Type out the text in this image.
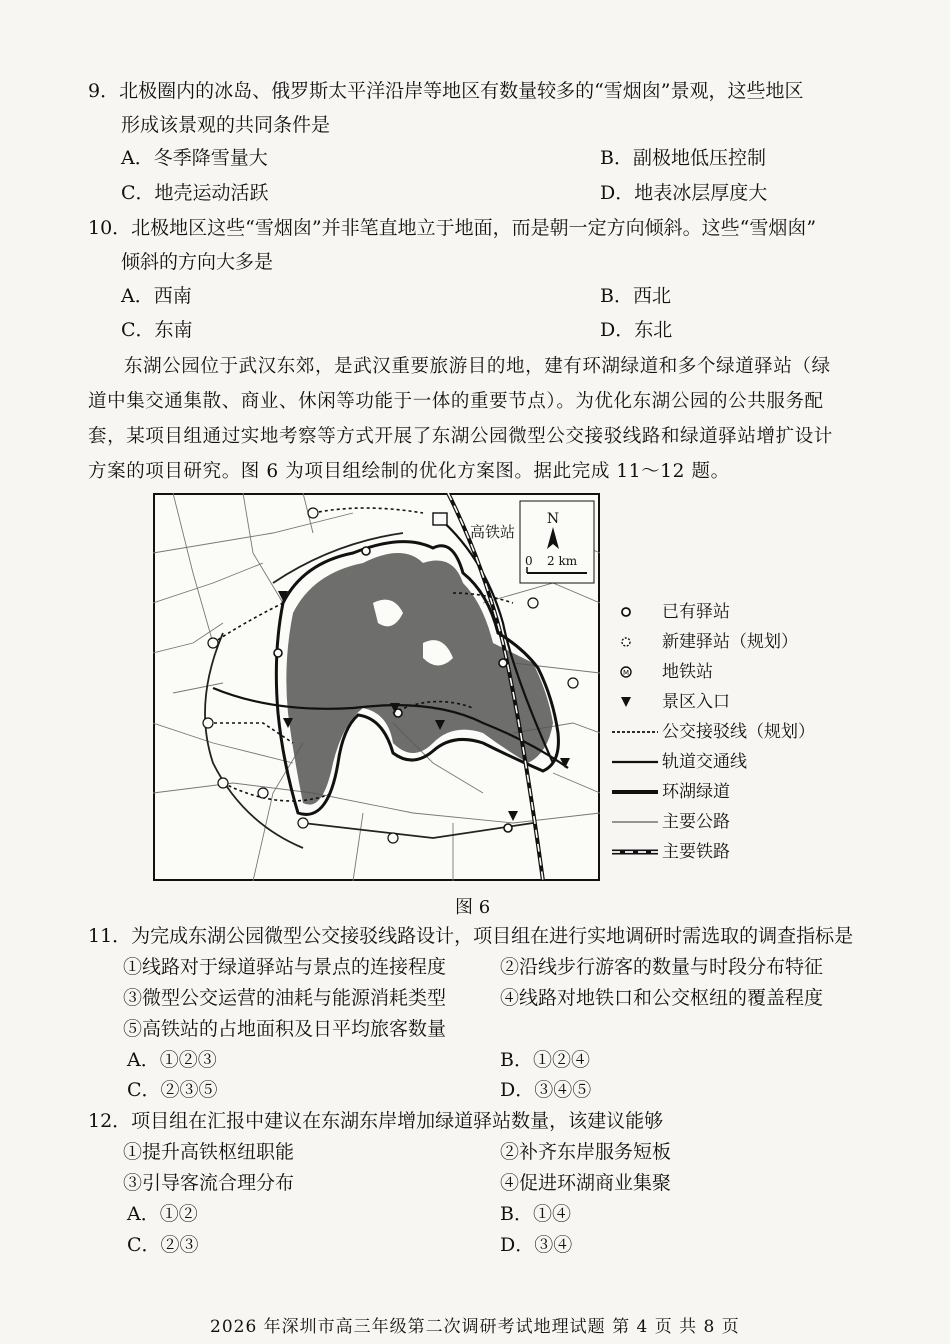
9．北极圈内的冰岛、俄罗斯太平洋沿岸等地区有数量较多的“雪烟囱”景观，这些地区
形成该景观的共同条件是
A．冬季降雪量大	B．副极地低压控制
C．地壳运动活跃	D．地表冰层厚度大
10．北极地区这些“雪烟囱”并非笔直地立于地面，而是朝一定方向倾斜。这些“雪烟囱”
倾斜的方向大多是
A．西南	B．西北
C．东南	D．东北
东湖公园位于武汉东郊，是武汉重要旅游目的地，建有环湖绿道和多个绿道驿站（绿
道中集交通集散、商业、休闲等功能于一体的重要节点）。为优化东湖公园的公共服务配
套，某项目组通过实地考察等方式开展了东湖公园微型公交接驳线路和绿道驿站增扩设计
方案的项目研究。图 6 为项目组绘制的优化方案图。据此完成 11～12 题。
高铁站
N
0 2 km
已有驿站
新建驿站（规划）
M 地铁站
景区入口
公交接驳线（规划）
轨道交通线
环湖绿道
主要公路
主要铁路
图 6
11．为完成东湖公园微型公交接驳线路设计，项目组在进行实地调研时需选取的调查指标是
①线路对于绿道驿站与景点的连接程度	②沿线步行游客的数量与时段分布特征
③微型公交运营的油耗与能源消耗类型	④线路对地铁口和公交枢纽的覆盖程度
⑤高铁站的占地面积及日平均旅客数量
A．①②③	B．①②④
C．②③⑤	D．③④⑤
12．项目组在汇报中建议在东湖东岸增加绿道驿站数量，该建议能够
①提升高铁枢纽职能	②补齐东岸服务短板
③引导客流合理分布	④促进环湖商业集聚
A．①②	B．①④
C．②③	D．③④
2026 年深圳市高三年级第二次调研考试地理试题 第 4 页 共 8 页
